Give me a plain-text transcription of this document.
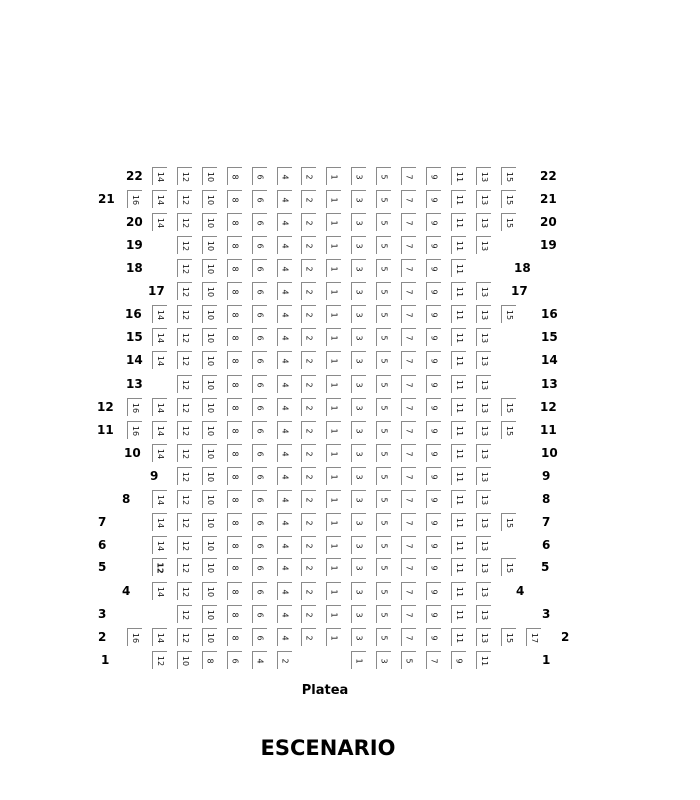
22	22
14 12 10 8 6 4 2 1 3 5 7 9 11 13 15
21	21
16 14 12 10 8 6 4 2 1 3 5 7 9 11 13 15
20	20
14 12 10 8 6 4 2 1 3 5 7 9 11 13 15
19	19
12 10 8 6 4 2 1 3 5 7 9 11 13
18	18
12 10 8 6 4 2 1 3 5 7 9 11
17	17
12 10 8 6 4 2 1 3 5 7 9 11 13
16	16
14 12 10 8 6 4 2 1 3 5 7 9 11 13 15
15	15
14 12 10 8 6 4 2 1 3 5 7 9 11 13
14	14
14 12 10 8 6 4 2 1 3 5 7 9 11 13
13	13
12 10 8 6 4 2 1 3 5 7 9 11 13
12	12
16 14 12 10 8 6 4 2 1 3 5 7 9 11 13 15
11	11
16 14 12 10 8 6 4 2 1 3 5 7 9 11 13 15
10	10
14 12 10 8 6 4 2 1 3 5 7 9 11 13
9	9
12 10 8 6 4 2 1 3 5 7 9 11 13
8	8
14 12 10 8 6 4 2 1 3 5 7 9 11 13
7	7
14 12 10 8 6 4 2 1 3 5 7 9 11 13 15
6	6
14 12 10 8 6 4 2 1 3 5 7 9 11 13
5	5
12 12 10 8 6 4 2 1 3 5 7 9 11 13 15
4	4
14 12 10 8 6 4 2 1 3 5 7 9 11 13
3	3
12 10 8 6 4 2 1 3 5 7 9 11 13
2	2
16 14 12 10 8 6 4 2 1 3 5 7 9 11 13 15 17
1	1
12 10 8 6 4 2	1 3 5 7 9 11
Platea
ESCENARIO
